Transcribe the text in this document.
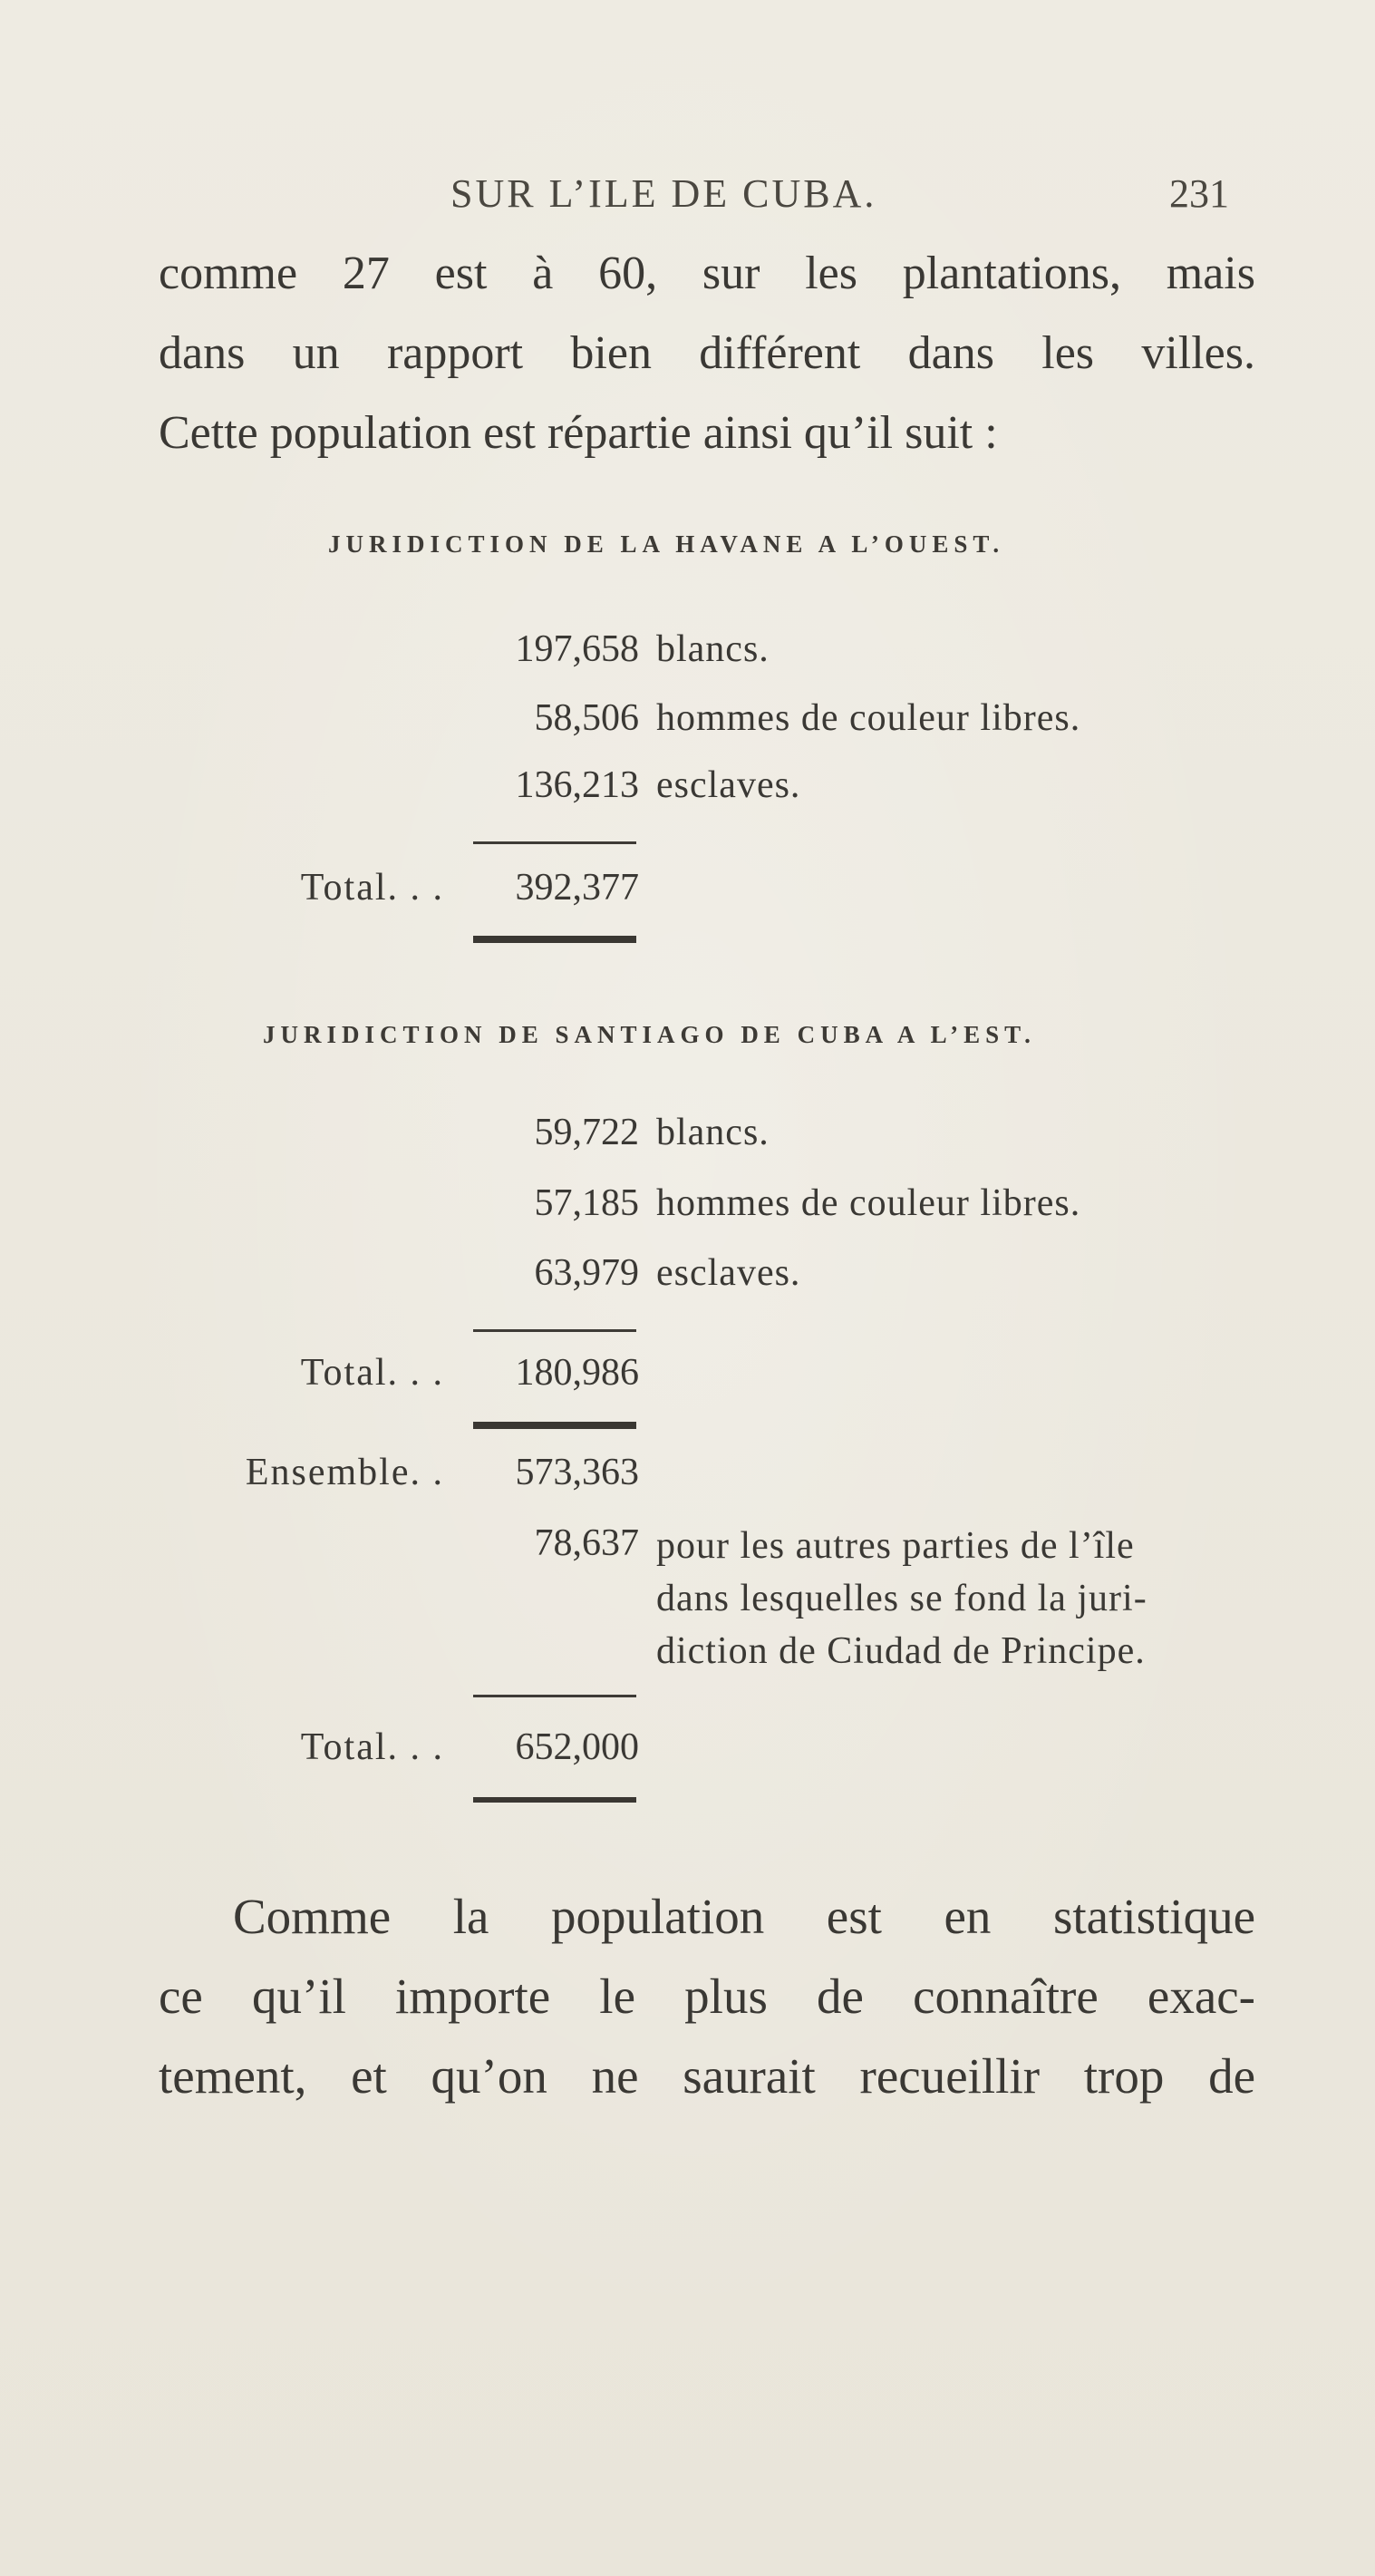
SUR L’ILE DE CUBA.	231
comme 27 est à 60, sur les plantations, mais
dans un rapport bien différent dans les villes.
Cette population est répartie ainsi qu’il suit :
JURIDICTION DE LA HAVANE A L’OUEST.
197,658 blancs.
58,506 hommes de couleur libres.
136,213 esclaves.
Total. . .	392,377
JURIDICTION DE SANTIAGO DE CUBA A L’EST.
59,722 blancs.
57,185 hommes de couleur libres.
63,979 esclaves.
Total. . .	180,986
Ensemble. .	573,363
78,637 pour les autres parties de l’île
dans lesquelles se fond la juri-
diction de Ciudad de Principe.
Total. . .	652,000
Comme la population est en statistique
ce qu’il importe le plus de connaître exac-
tement, et qu’on ne saurait recueillir trop de
